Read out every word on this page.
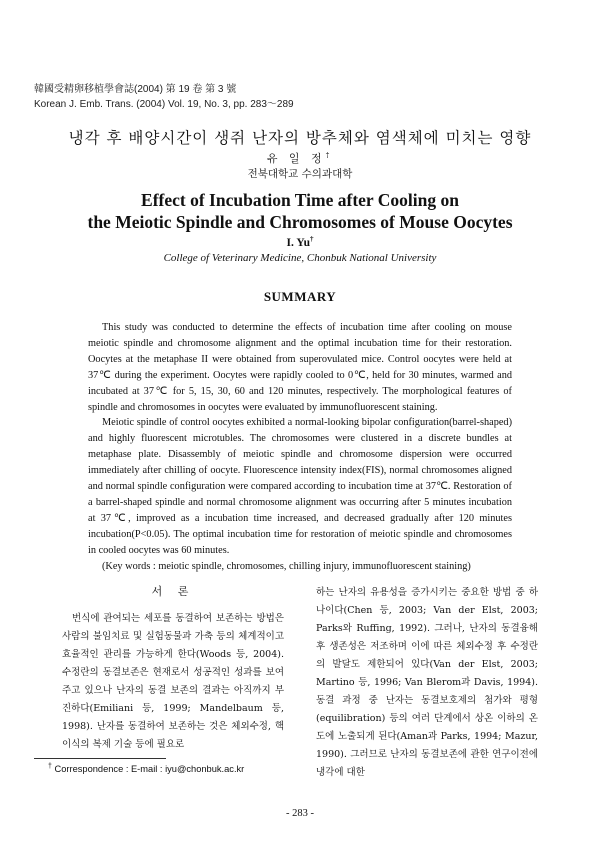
韓國受精卵移植學會誌(2004) 第 19 卷 第 3 號
Korean J. Emb. Trans. (2004) Vol. 19, No. 3, pp. 283～289
냉각 후 배양시간이 생쥐 난자의 방추체와 염색체에 미치는 영향
유 일 정†
전북대학교 수의과대학
Effect of Incubation Time after Cooling on
the Meiotic Spindle and Chromosomes of Mouse Oocytes
I. Yu†
College of Veterinary Medicine, Chonbuk National University
SUMMARY

This study was conducted to determine the effects of incubation time after cooling on mouse meiotic spindle and chromosome alignment and the optimal incubation time for their restoration. Oocytes at the metaphase II were obtained from superovulated mice. Control oocytes were held at 37℃ during the experiment. Oocytes were rapidly cooled to 0℃, held for 30 minutes, warmed and incubated at 37℃ for 5, 15, 30, 60 and 120 minutes, respectively. The morphological features of spindle and chromosomes in oocytes were evaluated by immunofluorescent staining.

Meiotic spindle of control oocytes exhibited a normal-looking bipolar configuration(barrel-shaped) and highly fluorescent microtubles. The chromosomes were clustered in a discrete bundles at metaphase plate. Disassembly of meiotic spindle and chromosome dispersion were occurred immediately after chilling of oocyte. Fluorescence intensity index(FIS), normal chromosomes aligned and normal spindle configuration were compared according to incubation time at 37℃. Restoration of a barrel-shaped spindle and normal chromosome alignment was occurring after 5 minutes incubation at 37℃, improved as a incubation time increased, and decreased gradually after 120 minutes incubation(P<0.05). The optimal incubation time for restoration of meiotic spindle and chromosomes in cooled oocytes was 60 minutes.

(Key words : meiotic spindle, chromosomes, chilling injury, immunofluorescent staining)

서 론

번식에 관여되는 세포를 동결하여 보존하는 방법은 사람의 불임치료 및 실험동물과 가축 등의 체계적이고 효율적인 관리를 가능하게 한다(Woods 등, 2004). 수정란의 동결보존은 현재로서 성공적인 성과를 보여주고 있으나 난자의 동결 보존의 결과는 아직까지 부진하다(Emiliani 등, 1999; Mandelbaum 등, 1998). 난자를 동결하여 보존하는 것은 체외수정, 핵이식의 복제 기술 등에 필요로

하는 난자의 유용성을 증가시키는 중요한 방법 중 하나이다(Chen 등, 2003; Van der Elst, 2003; Parks와 Ruffing, 1992). 그러나, 난자의 동결융해 후 생존성은 저조하며 이에 따른 체외수정 후 수정란의 발달도 제한되어 있다(Van der Elst, 2003; Martino 등, 1996; Van Blerom과 Davis, 1994). 동결 과정 중 난자는 동결보호제의 첨가와 평형(equilibration) 등의 여러 단계에서 상온 이하의 온도에 노출되게 된다(Aman과 Parks, 1994; Mazur, 1990). 그러므로 난자의 동결보존에 관한 연구이전에 냉각에 대한

† Correspondence : E-mail : iyu@chonbuk.ac.kr
- 283 -
